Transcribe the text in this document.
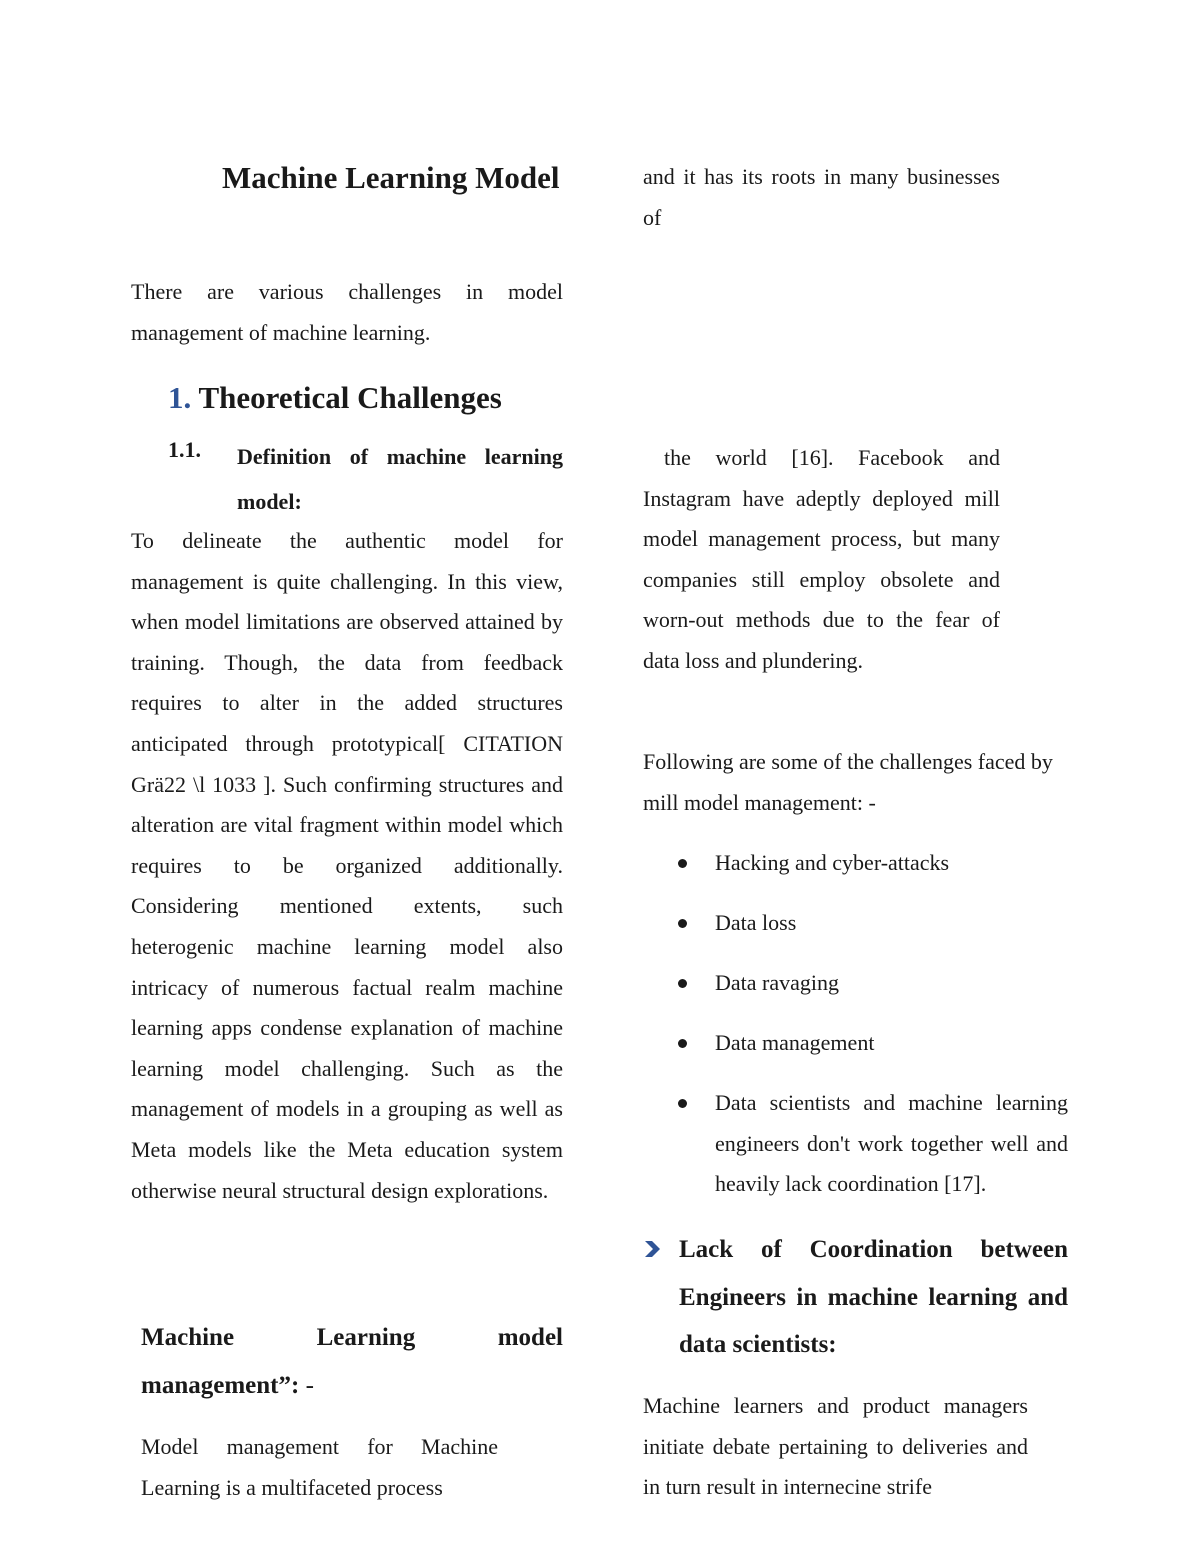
Machine Learning Model

There are various challenges in model management of machine learning.

1. Theoretical Challenges
1.1. Definition of machine learning model:

To delineate the authentic model for management is quite challenging. In this view, when model limitations are observed attained by training. Though, the data from feedback requires to alter in the added structures anticipated through prototypical[ CITATION Grä22 \l 1033 ]. Such confirming structures and alteration are vital fragment within model which requires to be organized additionally. Considering mentioned extents, such heterogenic machine learning model also intricacy of numerous factual realm machine learning apps condense explanation of machine learning model challenging. Such as the management of models in a grouping as well as Meta models like the Meta education system otherwise neural structural design explorations.

Machine Learning model management”: -

Model management for Machine Learning is a multifaceted process

and it has its roots in many businesses of

the world [16]. Facebook and Instagram have adeptly deployed mill model management process, but many companies still employ obsolete and worn-out methods due to the fear of data loss and plundering.

Following are some of the challenges faced by mill model management: -

Hacking and cyber-attacks
Data loss
Data ravaging
Data management
Data scientists and machine learning engineers don't work together well and heavily lack coordination [17].
Lack of Coordination between Engineers in machine learning and data scientists:

Machine learners and product managers initiate debate pertaining to deliveries and in turn result in internecine strife
